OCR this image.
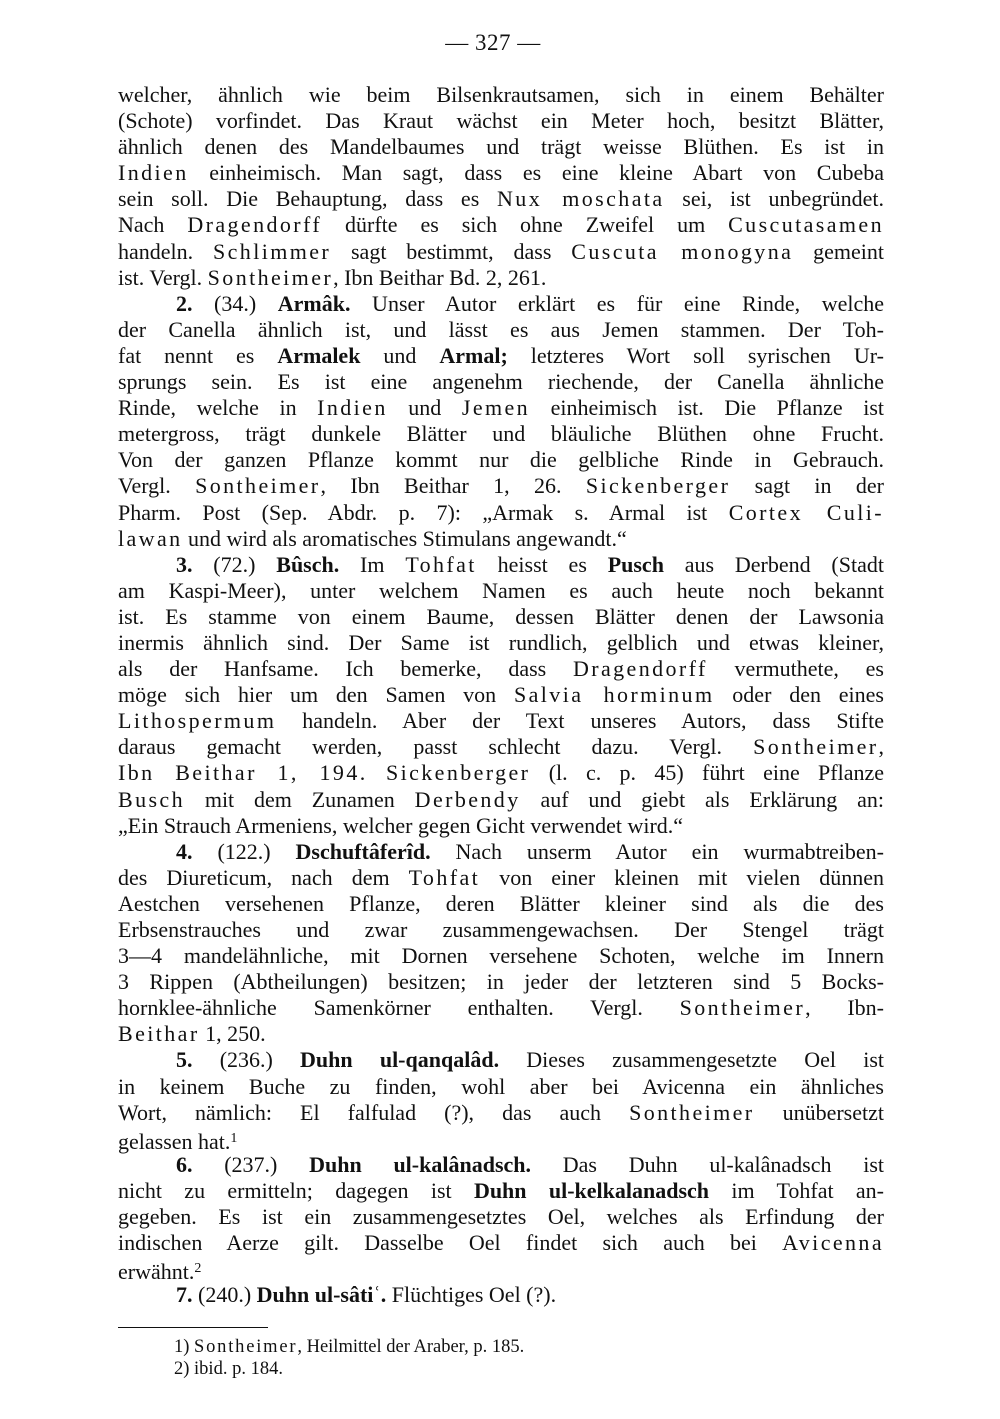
— 327 —
welcher, ähnlich wie beim Bilsenkrautsamen, sich in einem Behälter
(Schote) vorfindet. Das Kraut wächst ein Meter hoch, besitzt Blätter,
ähnlich denen des Mandelbaumes und trägt weisse Blüthen. Es ist in
Indien einheimisch. Man sagt, dass es eine kleine Abart von Cubeba
sein soll. Die Behauptung, dass es Nux moschata sei, ist unbegründet.
Nach Dragendorff dürfte es sich ohne Zweifel um Cuscutasamen
handeln. Schlimmer sagt bestimmt, dass Cuscuta monogyna gemeint
ist. Vergl. Sontheimer, Ibn Beithar Bd. 2, 261.
2. (34.) Armâk. Unser Autor erklärt es für eine Rinde, welche
der Canella ähnlich ist, und lässt es aus Jemen stammen. Der Toh-
fat nennt es Armalek und Armal; letzteres Wort soll syrischen Ur-
sprungs sein. Es ist eine angenehm riechende, der Canella ähnliche
Rinde, welche in Indien und Jemen einheimisch ist. Die Pflanze ist
metergross, trägt dunkele Blätter und bläuliche Blüthen ohne Frucht.
Von der ganzen Pflanze kommt nur die gelbliche Rinde in Gebrauch.
Vergl. Sontheimer, Ibn Beithar 1, 26. Sickenberger sagt in der
Pharm. Post (Sep. Abdr. p. 7): „Armak s. Armal ist Cortex Culi-
lawan und wird als aromatisches Stimulans angewandt.“
3. (72.) Bûsch. Im Tohfat heisst es Pusch aus Derbend (Stadt
am Kaspi-Meer), unter welchem Namen es auch heute noch bekannt
ist. Es stamme von einem Baume, dessen Blätter denen der Lawsonia
inermis ähnlich sind. Der Same ist rundlich, gelblich und etwas kleiner,
als der Hanfsame. Ich bemerke, dass Dragendorff vermuthete, es
möge sich hier um den Samen von Salvia horminum oder den eines
Lithospermum handeln. Aber der Text unseres Autors, dass Stifte
daraus gemacht werden, passt schlecht dazu. Vergl. Sontheimer,
Ibn Beithar 1, 194. Sickenberger (l. c. p. 45) führt eine Pflanze
Busch mit dem Zunamen Derbendy auf und giebt als Erklärung an:
„Ein Strauch Armeniens, welcher gegen Gicht verwendet wird.“
4. (122.) Dschuftâferîd. Nach unserm Autor ein wurmabtreiben-
des Diureticum, nach dem Tohfat von einer kleinen mit vielen dünnen
Aestchen versehenen Pflanze, deren Blätter kleiner sind als die des
Erbsenstrauches und zwar zusammengewachsen. Der Stengel trägt
3—4 mandelähnliche, mit Dornen versehene Schoten, welche im Innern
3 Rippen (Abtheilungen) besitzen; in jeder der letzteren sind 5 Bocks-
hornklee-ähnliche Samenkörner enthalten. Vergl. Sontheimer, Ibn-
Beithar 1, 250.
5. (236.) Duhn ul-qanqalâd. Dieses zusammengesetzte Oel ist
in keinem Buche zu finden, wohl aber bei Avicenna ein ähnliches
Wort, nämlich: El falfulad (?), das auch Sontheimer unübersetzt
gelassen hat.$^1$
6. (237.) Duhn ul-kalânadsch. Das Duhn ul-kalânadsch ist
nicht zu ermitteln; dagegen ist Duhn ul-kelkalanadsch im Tohfat an-
gegeben. Es ist ein zusammengesetztes Oel, welches als Erfindung der
indischen Aerze gilt. Dasselbe Oel findet sich auch bei Avicenna
erwähnt.$^2$
7. (240.) Duhn ul-sâtiʿ. Flüchtiges Oel (?).
1) Sontheimer, Heilmittel der Araber, p. 185.
2) ibid. p. 184.
